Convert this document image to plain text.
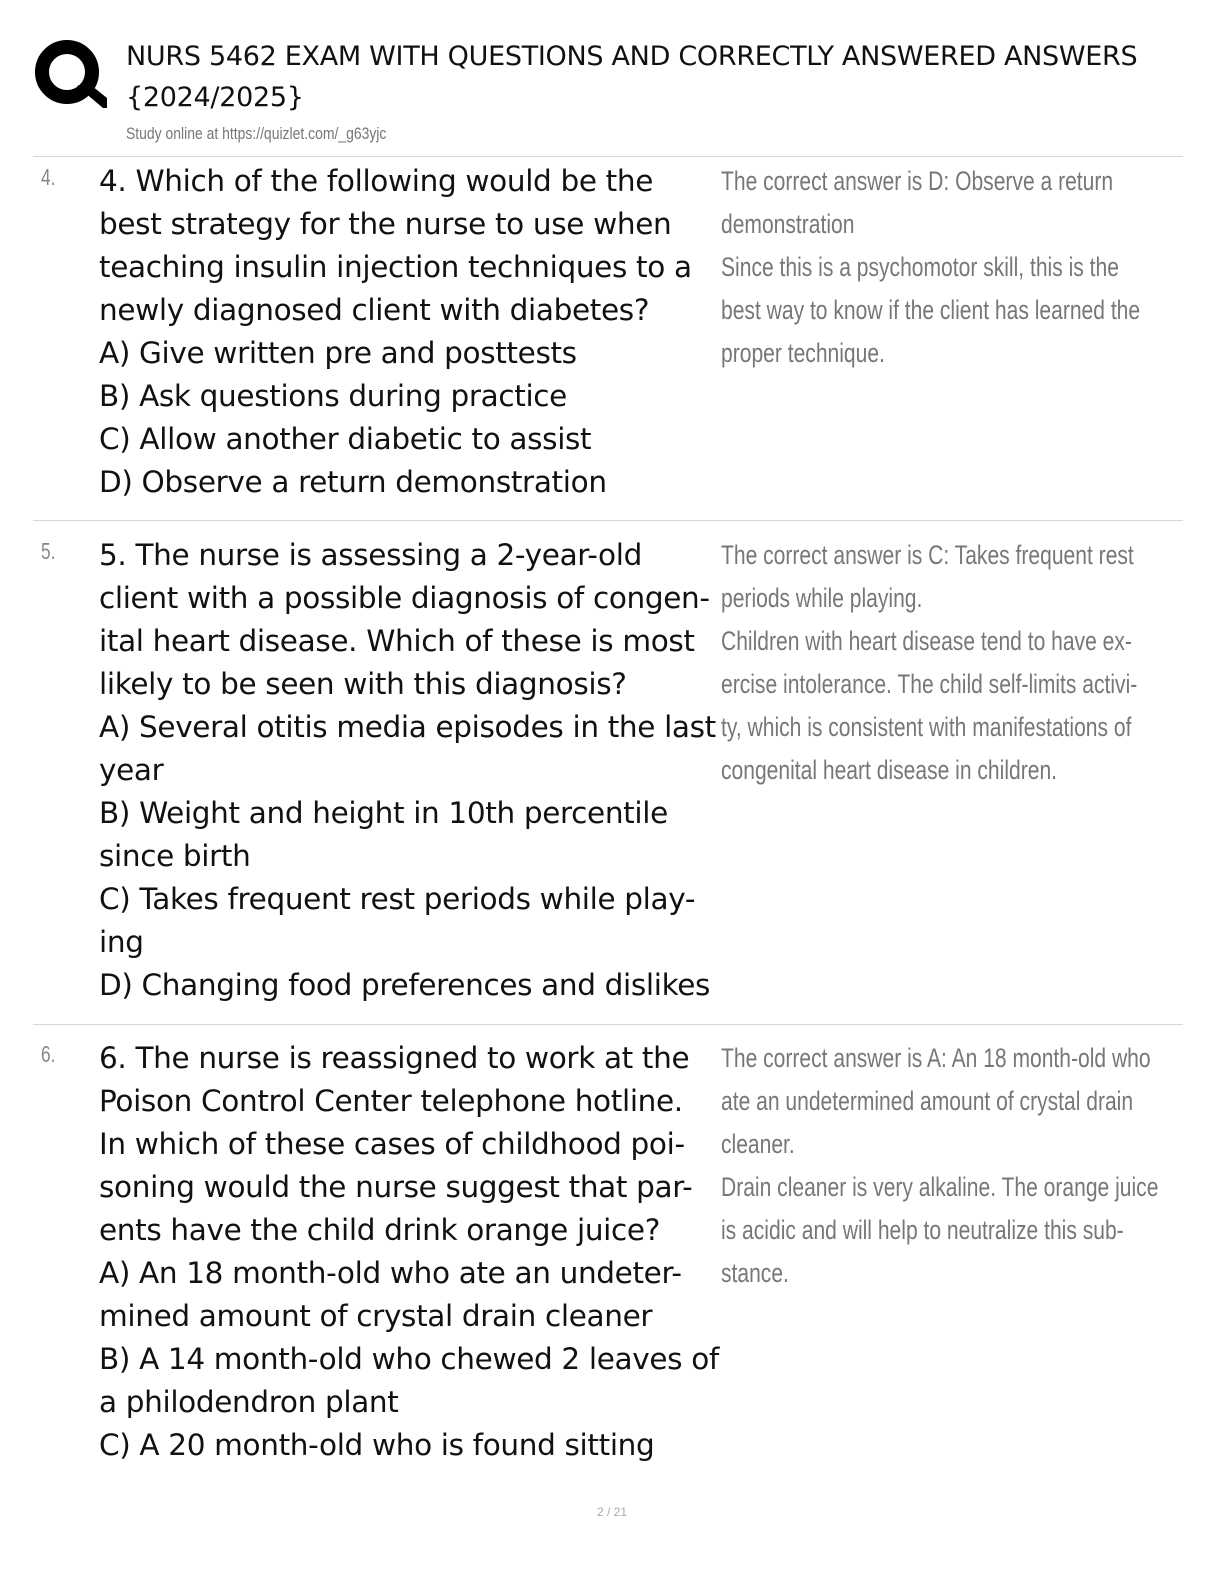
NURS 5462 EXAM WITH QUESTIONS AND CORRECTLY ANSWERED ANSWERS
{2024/2025}
Study online at https://quizlet.com/_g63yjc
4. 4. Which of the following would be the
best strategy for the nurse to use when
teaching insulin injection techniques to a
newly diagnosed client with diabetes?
A) Give written pre and posttests
B) Ask questions during practice
C) Allow another diabetic to assist
D) Observe a return demonstration
The correct answer is D: Observe a return
demonstration
Since this is a psychomotor skill, this is the
best way to know if the client has learned the
proper technique.
5. 5. The nurse is assessing a 2-year-old
client with a possible diagnosis of congen-
ital heart disease. Which of these is most
likely to be seen with this diagnosis?
A) Several otitis media episodes in the last
year
B) Weight and height in 10th percentile
since birth
C) Takes frequent rest periods while play-
ing
D) Changing food preferences and dislikes
The correct answer is C: Takes frequent rest
periods while playing.
Children with heart disease tend to have ex-
ercise intolerance. The child self-limits activi-
ty, which is consistent with manifestations of
congenital heart disease in children.
6. 6. The nurse is reassigned to work at the
Poison Control Center telephone hotline.
In which of these cases of childhood poi-
soning would the nurse suggest that par-
ents have the child drink orange juice?
A) An 18 month-old who ate an undeter-
mined amount of crystal drain cleaner
B) A 14 month-old who chewed 2 leaves of
a philodendron plant
C) A 20 month-old who is found sitting
The correct answer is A: An 18 month-old who
ate an undetermined amount of crystal drain
cleaner.
Drain cleaner is very alkaline. The orange juice
is acidic and will help to neutralize this sub-
stance.
2 / 21
